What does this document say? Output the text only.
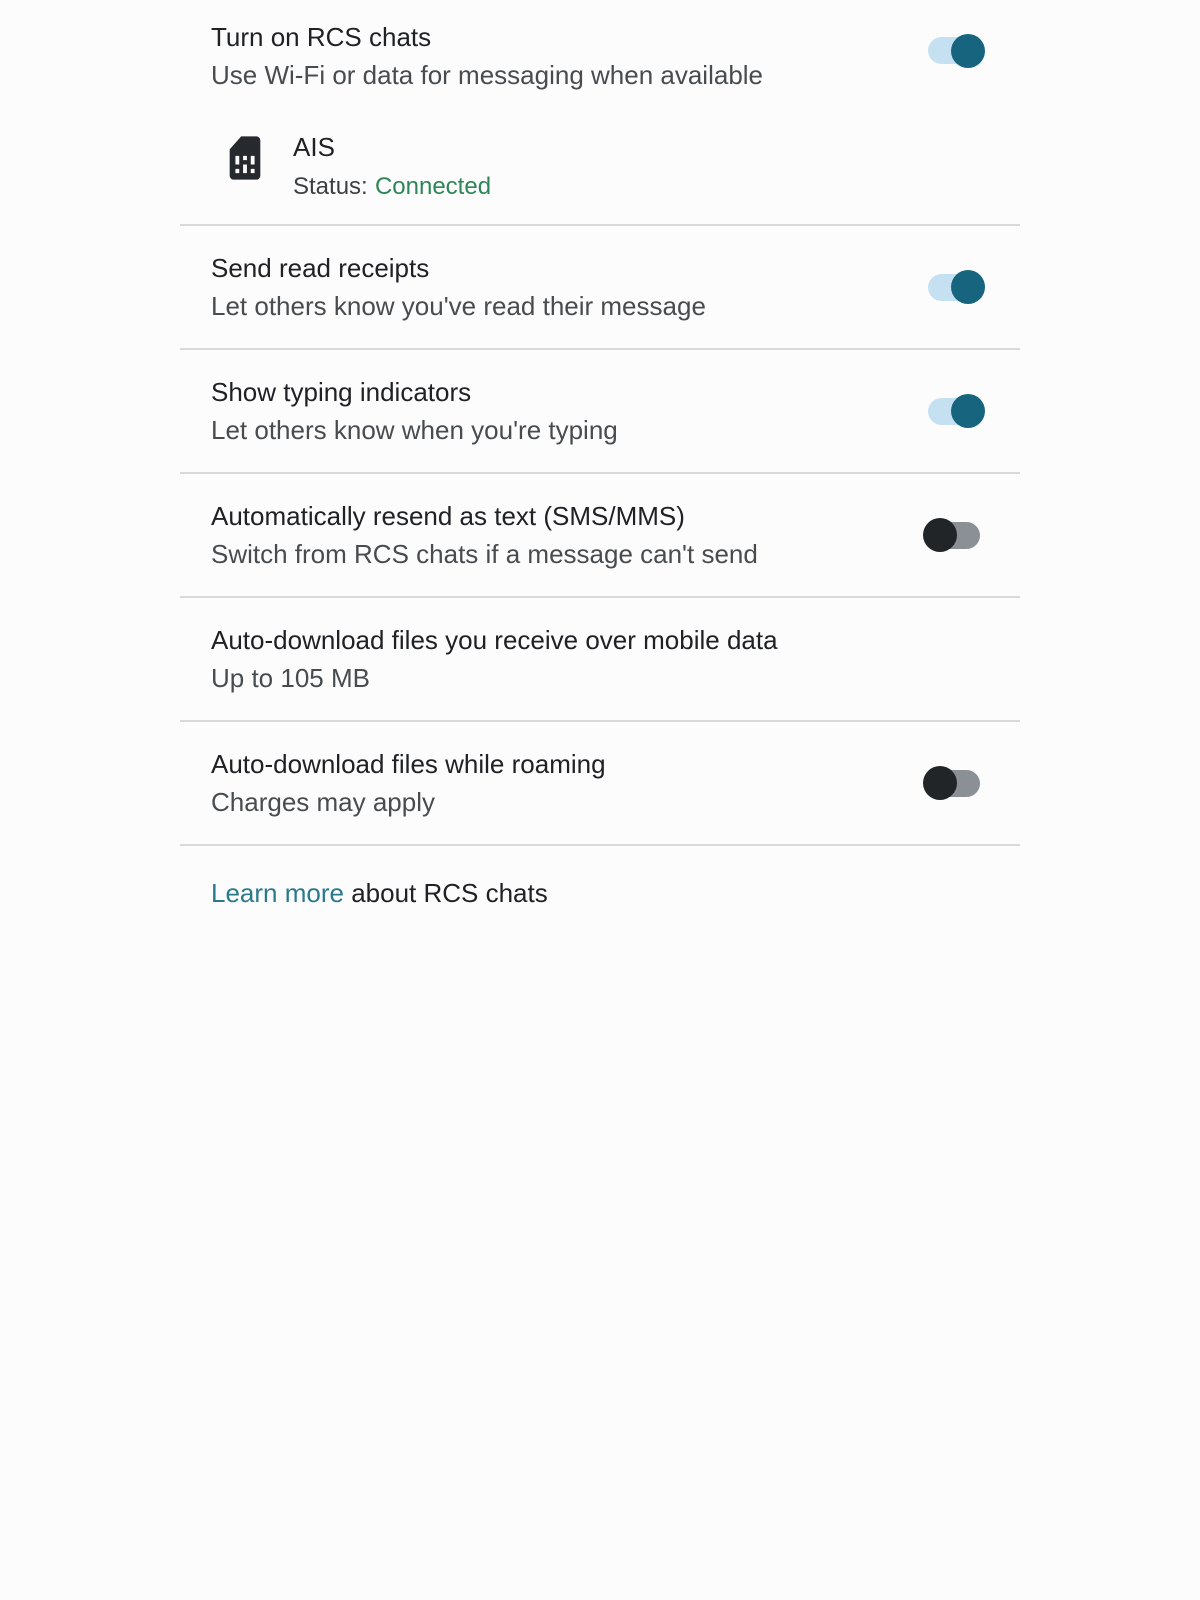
Turn on RCS chats
Use Wi-Fi or data for messaging when available
AIS
Status: Connected
Send read receipts
Let others know you've read their message
Show typing indicators
Let others know when you're typing
Automatically resend as text (SMS/MMS)
Switch from RCS chats if a message can't send
Auto-download files you receive over mobile data
Up to 105 MB
Auto-download files while roaming
Charges may apply
Learn more about RCS chats
